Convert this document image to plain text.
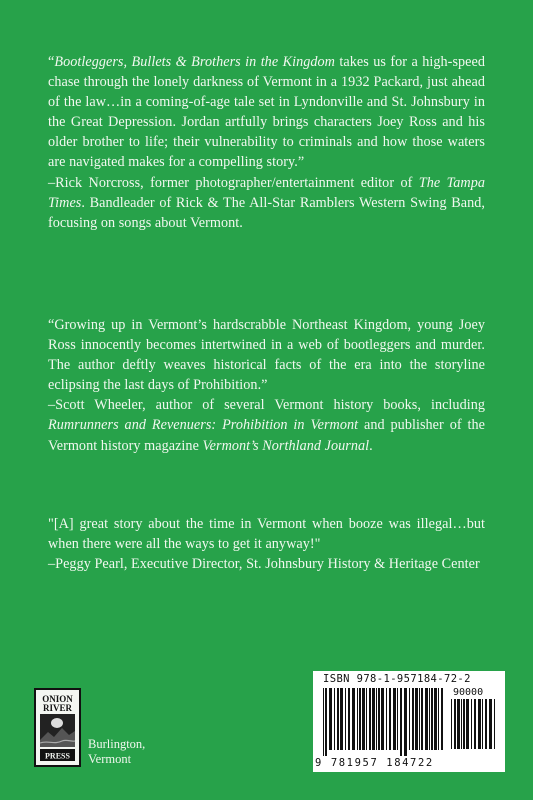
“Bootleggers, Bullets & Brothers in the Kingdom takes us for a high-speed chase through the lonely darkness of Vermont in a 1932 Packard, just ahead of the law…in a coming-of-age tale set in Lyndonville and St. Johnsbury in the Great Depression. Jordan artfully brings characters Joey Ross and his older brother to life; their vulnerability to criminals and how those waters are navigated makes for a compelling story.”

–Rick Norcross, former photographer/entertainment editor of The Tampa Times. Bandleader of Rick & The All-Star Ramblers Western Swing Band, focusing on songs about Vermont.

“Growing up in Vermont’s hardscrabble Northeast Kingdom, young Joey Ross innocently becomes intertwined in a web of bootleggers and murder. The author deftly weaves historical facts of the era into the storyline eclipsing the last days of Prohibition.”

–Scott Wheeler, author of several Vermont history books, including Rumrunners and Revenuers: Prohibition in Vermont and publisher of the Vermont history magazine Vermont’s Northland Journal.

"[A] great story about the time in Vermont when booze was illegal…but when there were all the ways to get it anyway!"

–Peggy Pearl, Executive Director, St. Johnsbury History & Heritage Center

ONION
RIVER
PRESS
Burlington,
Vermont
ISBN 978-1-957184-72-2
90000
9 781957 184722
